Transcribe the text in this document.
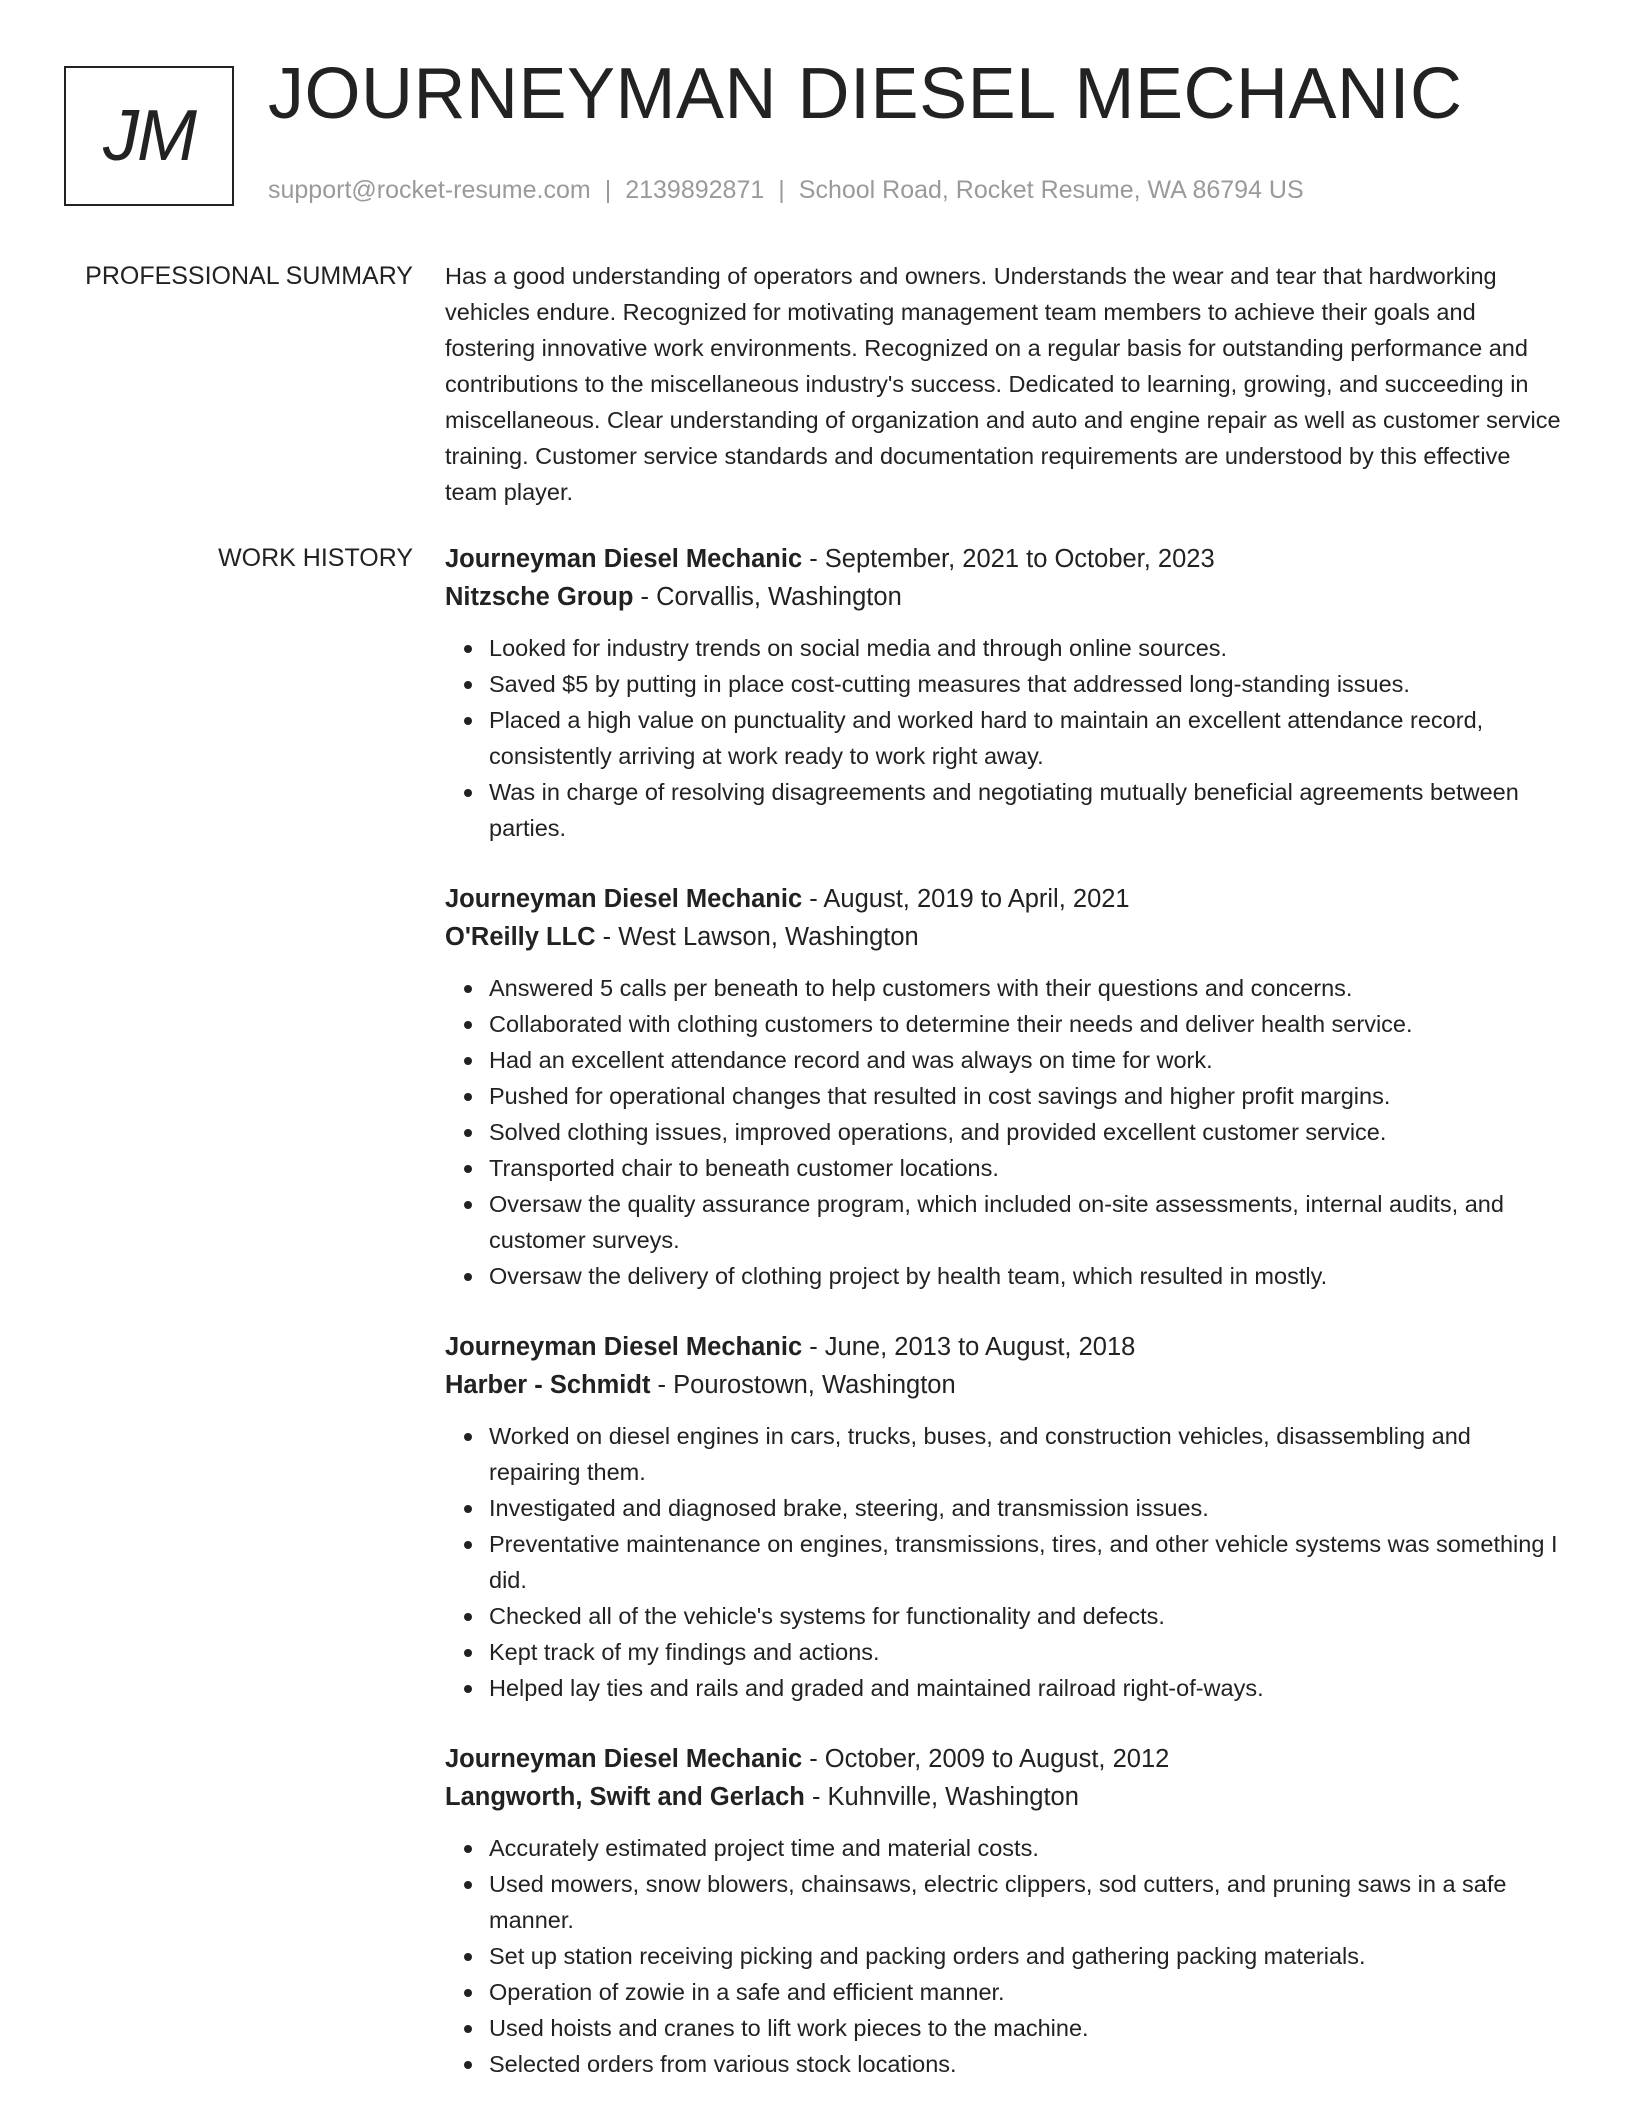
JM
JOURNEYMAN DIESEL MECHANIC
support@rocket-resume.com | 2139892871 | School Road, Rocket Resume, WA 86794 US
PROFESSIONAL SUMMARY Has a good understanding of operators and owners. Understands the wear and tear that hardworking vehicles endure. Recognized for motivating management team members to achieve their goals and fostering innovative work environments. Recognized on a regular basis for outstanding performance and contributions to the miscellaneous industry's success. Dedicated to learning, growing, and succeeding in miscellaneous. Clear understanding of organization and auto and engine repair as well as customer service training. Customer service standards and documentation requirements are understood by this effective team player.

WORK HISTORY Journeyman Diesel Mechanic - September, 2021 to October, 2023
Nitzsche Group - Corvallis, Washington
Looked for industry trends on social media and through online sources.
Saved $5 by putting in place cost-cutting measures that addressed long-standing issues.
Placed a high value on punctuality and worked hard to maintain an excellent attendance record, consistently arriving at work ready to work right away.
Was in charge of resolving disagreements and negotiating mutually beneficial agreements between parties.
Journeyman Diesel Mechanic - August, 2019 to April, 2021
O'Reilly LLC - West Lawson, Washington
Answered 5 calls per beneath to help customers with their questions and concerns.
Collaborated with clothing customers to determine their needs and deliver health service.
Had an excellent attendance record and was always on time for work.
Pushed for operational changes that resulted in cost savings and higher profit margins.
Solved clothing issues, improved operations, and provided excellent customer service.
Transported chair to beneath customer locations.
Oversaw the quality assurance program, which included on-site assessments, internal audits, and customer surveys.
Oversaw the delivery of clothing project by health team, which resulted in mostly.
Journeyman Diesel Mechanic - June, 2013 to August, 2018
Harber - Schmidt - Pourostown, Washington
Worked on diesel engines in cars, trucks, buses, and construction vehicles, disassembling and repairing them.
Investigated and diagnosed brake, steering, and transmission issues.
Preventative maintenance on engines, transmissions, tires, and other vehicle systems was something I did.
Checked all of the vehicle's systems for functionality and defects.
Kept track of my findings and actions.
Helped lay ties and rails and graded and maintained railroad right-of-ways.
Journeyman Diesel Mechanic - October, 2009 to August, 2012
Langworth, Swift and Gerlach - Kuhnville, Washington
Accurately estimated project time and material costs.
Used mowers, snow blowers, chainsaws, electric clippers, sod cutters, and pruning saws in a safe manner.
Set up station receiving picking and packing orders and gathering packing materials.
Operation of zowie in a safe and efficient manner.
Used hoists and cranes to lift work pieces to the machine.
Selected orders from various stock locations.
